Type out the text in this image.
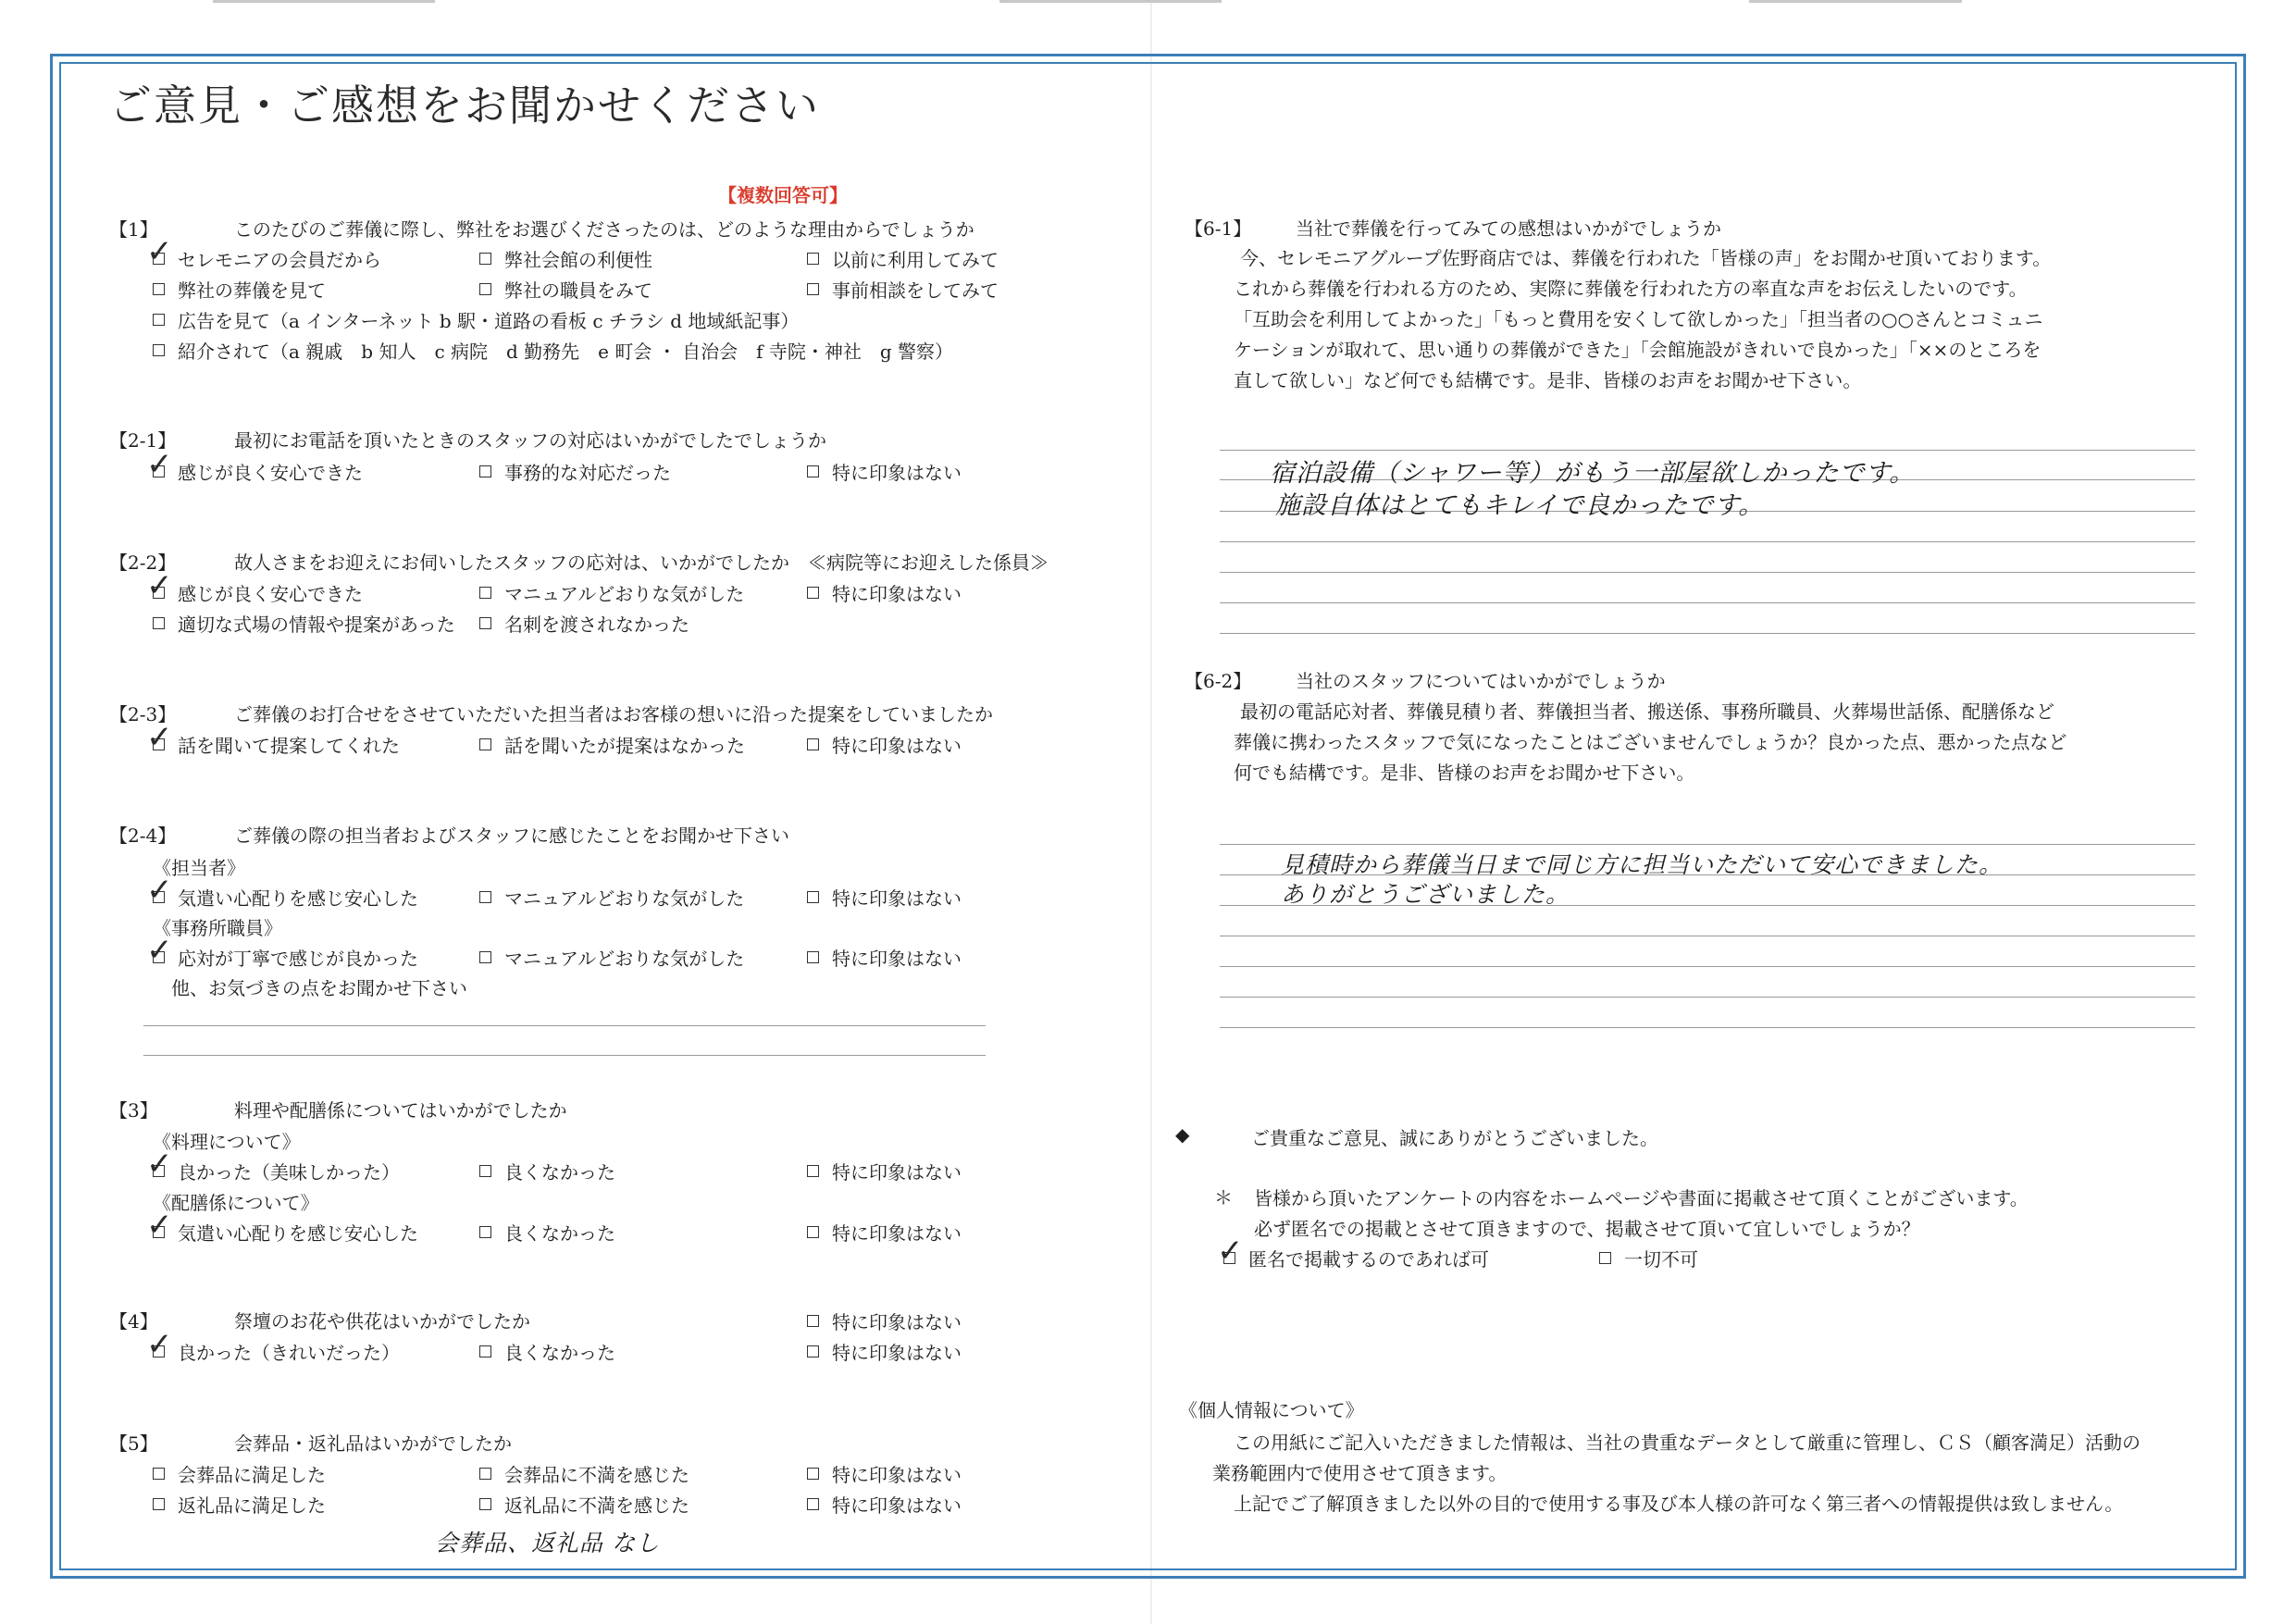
ご意見・ご感想をお聞かせください
【複数回答可】
【1】	このたびのご葬儀に際し、弊社をお選びくださったのは、どのような理由からでしょうか
✓
セレモニアの会員だから	弊社会館の利便性	以前に利用してみて
弊社の葬儀を見て	弊社の職員をみて	事前相談をしてみて
広告を見て（a インターネット b 駅・道路の看板 c チラシ d 地域紙記事）
紹介されて（a 親戚　b 知人　c 病院　d 勤務先　e 町会 ・ 自治会　f 寺院・神社　g 警察）
【2-1】	最初にお電話を頂いたときのスタッフの対応はいかがでしたでしょうか
✓
感じが良く安心できた	事務的な対応だった	特に印象はない
【2-2】	故人さまをお迎えにお伺いしたスタッフの応対は、いかがでしたか　≪病院等にお迎えした係員≫
✓
感じが良く安心できた	マニュアルどおりな気がした	特に印象はない
適切な式場の情報や提案があった	名刺を渡されなかった
【2-3】	ご葬儀のお打合せをさせていただいた担当者はお客様の想いに沿った提案をしていましたか
✓
話を聞いて提案してくれた	話を聞いたが提案はなかった	特に印象はない
【2-4】	ご葬儀の際の担当者およびスタッフに感じたことをお聞かせ下さい
《担当者》
✓
気遣い心配りを感じ安心した	マニュアルどおりな気がした	特に印象はない
《事務所職員》
✓
応対が丁寧で感じが良かった	マニュアルどおりな気がした	特に印象はない
他、お気づきの点をお聞かせ下さい
【3】	料理や配膳係についてはいかがでしたか
《料理について》
✓
良かった（美味しかった）	良くなかった	特に印象はない
《配膳係について》
✓
気遣い心配りを感じ安心した	良くなかった	特に印象はない
【4】	祭壇のお花や供花はいかがでしたか	特に印象はない
✓
良かった（きれいだった）	良くなかった	特に印象はない
【5】	会葬品・返礼品はいかがでしたか
会葬品に満足した	会葬品に不満を感じた	特に印象はない
返礼品に満足した	返礼品に不満を感じた	特に印象はない
会葬品、返礼品 なし
【6-1】 当社で葬儀を行ってみての感想はいかがでしょうか
今、セレモニアグループ佐野商店では、葬儀を行われた「皆様の声」をお聞かせ頂いております。
これから葬儀を行われる方のため、実際に葬儀を行われた方の率直な声をお伝えしたいのです。
「互助会を利用してよかった」「もっと費用を安くして欲しかった」「担当者の○○さんとコミュニ
ケーションが取れて、思い通りの葬儀ができた」「会館施設がきれいで良かった」「××のところを
直して欲しい」など何でも結構です。是非、皆様のお声をお聞かせ下さい。
宿泊設備（シャワー等）がもう一部屋欲しかったです。
施設自体はとてもキレイで良かったです。
【6-2】 当社のスタッフについてはいかがでしょうか
最初の電話応対者、葬儀見積り者、葬儀担当者、搬送係、事務所職員、火葬場世話係、配膳係など
葬儀に携わったスタッフで気になったことはございませんでしょうか？良かった点、悪かった点など
何でも結構です。是非、皆様のお声をお聞かせ下さい。
見積時から葬儀当日まで同じ方に担当いただいて安心できました。
ありがとうございました。
◆	ご貴重なご意見、誠にありがとうございました。
＊ 皆様から頂いたアンケートの内容をホームページや書面に掲載させて頂くことがございます。
必ず匿名での掲載とさせて頂きますので、掲載させて頂いて宜しいでしょうか？
✓
匿名で掲載するのであれば可	一切不可
《個人情報について》
この用紙にご記入いただきました情報は、当社の貴重なデータとして厳重に管理し、ＣＳ（顧客満足）活動の
業務範囲内で使用させて頂きます。
上記でご了解頂きました以外の目的で使用する事及び本人様の許可なく第三者への情報提供は致しません。
